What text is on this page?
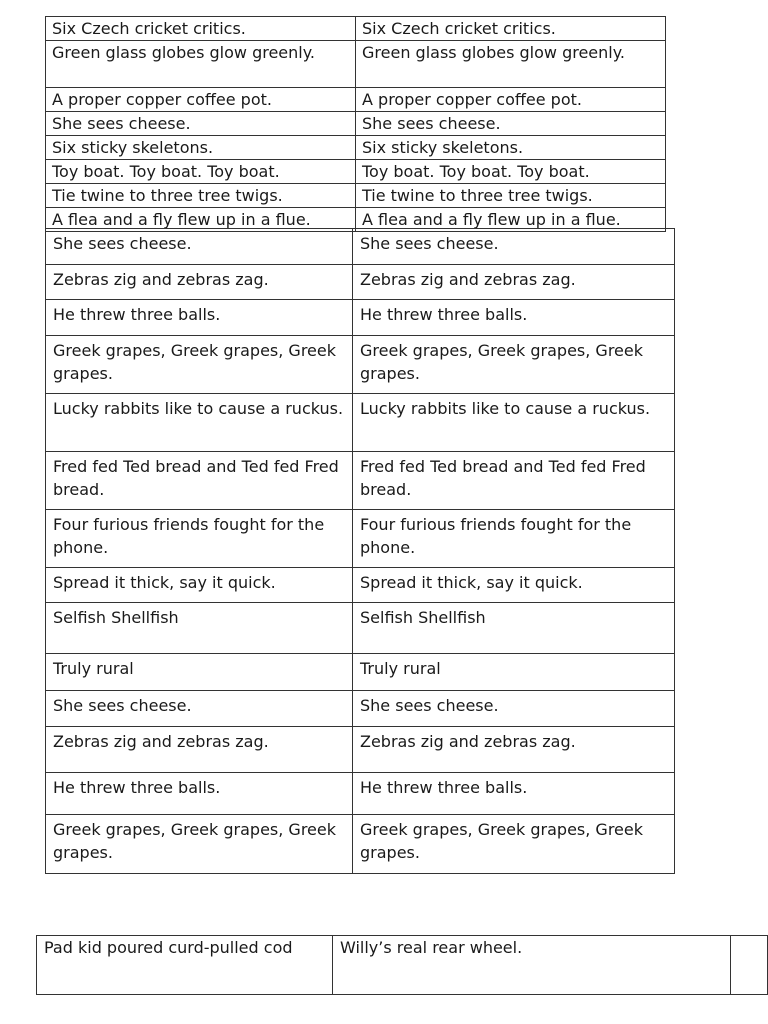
Six Czech cricket critics.	Six Czech cricket critics.
Green glass globes glow greenly.	Green glass globes glow greenly.
A proper copper coffee pot.	A proper copper coffee pot.
She sees cheese.	She sees cheese.
Six sticky skeletons.	Six sticky skeletons.
Toy boat. Toy boat. Toy boat.	Toy boat. Toy boat. Toy boat.
Tie twine to three tree twigs.	Tie twine to three tree twigs.
A flea and a fly flew up in a flue.	A flea and a fly flew up in a flue.
She sees cheese.	She sees cheese.
Zebras zig and zebras zag.	Zebras zig and zebras zag.
He threw three balls.	He threw three balls.
Greek grapes, Greek grapes, Greek grapes.	Greek grapes, Greek grapes, Greek grapes.
Lucky rabbits like to cause a ruckus.	Lucky rabbits like to cause a ruckus.
Fred fed Ted bread and Ted fed Fred bread.	Fred fed Ted bread and Ted fed Fred bread.
Four furious friends fought for the phone.	Four furious friends fought for the phone.
Spread it thick, say it quick.	Spread it thick, say it quick.
Selfish Shellfish	Selfish Shellfish
Truly rural	Truly rural
She sees cheese.	She sees cheese.
Zebras zig and zebras zag.	Zebras zig and zebras zag.
He threw three balls.	He threw three balls.
Greek grapes, Greek grapes, Greek grapes.	Greek grapes, Greek grapes, Greek grapes.
Pad kid poured curd-pulled cod	Willy’s real rear wheel.	
